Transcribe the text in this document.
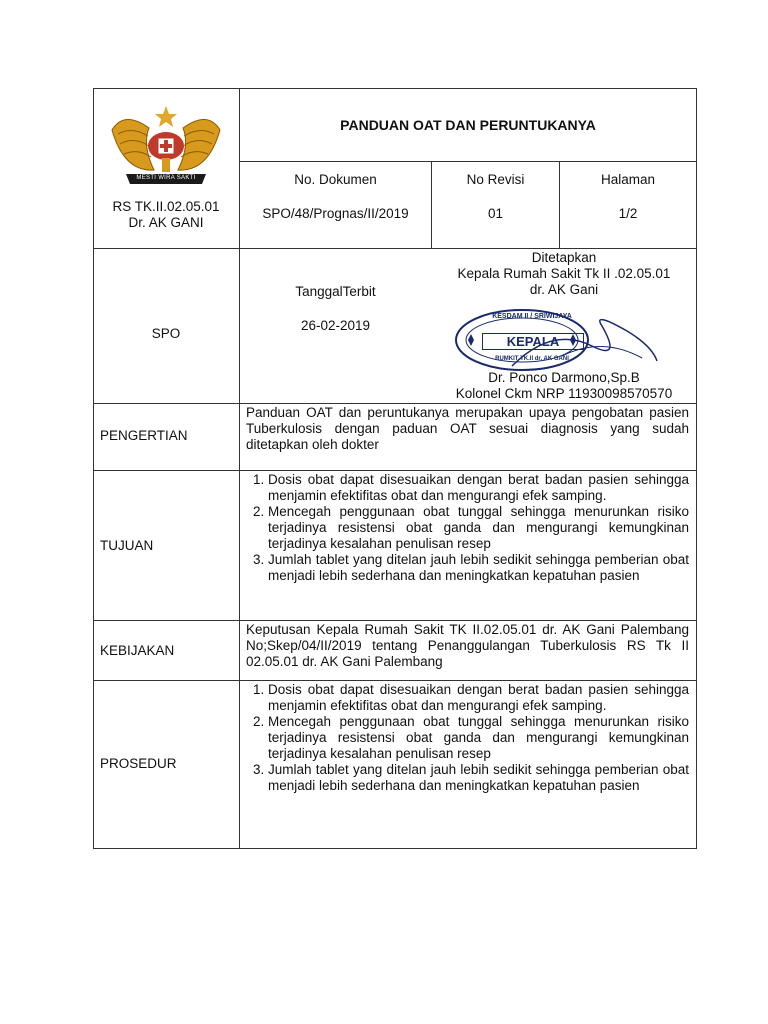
MESTI WIRA SAKTI
RS TK.II.02.05.01
Dr. AK GANI
PANDUAN OAT DAN PERUNTUKANYA
No. Dokumen
SPO/48/Prognas/II/2019
No Revisi
01
Halaman
1/2
SPO
TanggalTerbit
26-02-2019
Ditetapkan
Kepala Rumah Sakit Tk II .02.05.01
dr. AK Gani
KESDAM II / SRIWIJAYA
KEPALA
RUMKIT TK.II dr. AK GANI
Dr. Ponco Darmono,Sp.B
Kolonel Ckm NRP 11930098570570
PENGERTIAN
Panduan OAT dan peruntukanya merupakan upaya pengobatan pasien Tuberkulosis dengan paduan OAT sesuai diagnosis yang sudah ditetapkan oleh dokter
TUJUAN
1. Dosis obat dapat disesuaikan dengan berat badan pasien sehingga menjamin efektifitas obat dan mengurangi efek samping.
2. Mencegah penggunaan obat tunggal sehingga menurunkan risiko terjadinya resistensi obat ganda dan mengurangi kemungkinan terjadinya kesalahan penulisan resep
3. Jumlah tablet yang ditelan jauh lebih sedikit sehingga pemberian obat menjadi lebih sederhana dan meningkatkan kepatuhan pasien
KEBIJAKAN
Keputusan Kepala Rumah Sakit TK II.02.05.01 dr. AK Gani Palembang No;Skep/04/II/2019 tentang Penanggulangan Tuberkulosis RS Tk II 02.05.01 dr. AK Gani Palembang
PROSEDUR
1. Dosis obat dapat disesuaikan dengan berat badan pasien sehingga menjamin efektifitas obat dan mengurangi efek samping.
2. Mencegah penggunaan obat tunggal sehingga menurunkan risiko terjadinya resistensi obat ganda dan mengurangi kemungkinan terjadinya kesalahan penulisan resep
3. Jumlah tablet yang ditelan jauh lebih sedikit sehingga pemberian obat menjadi lebih sederhana dan meningkatkan kepatuhan pasien
